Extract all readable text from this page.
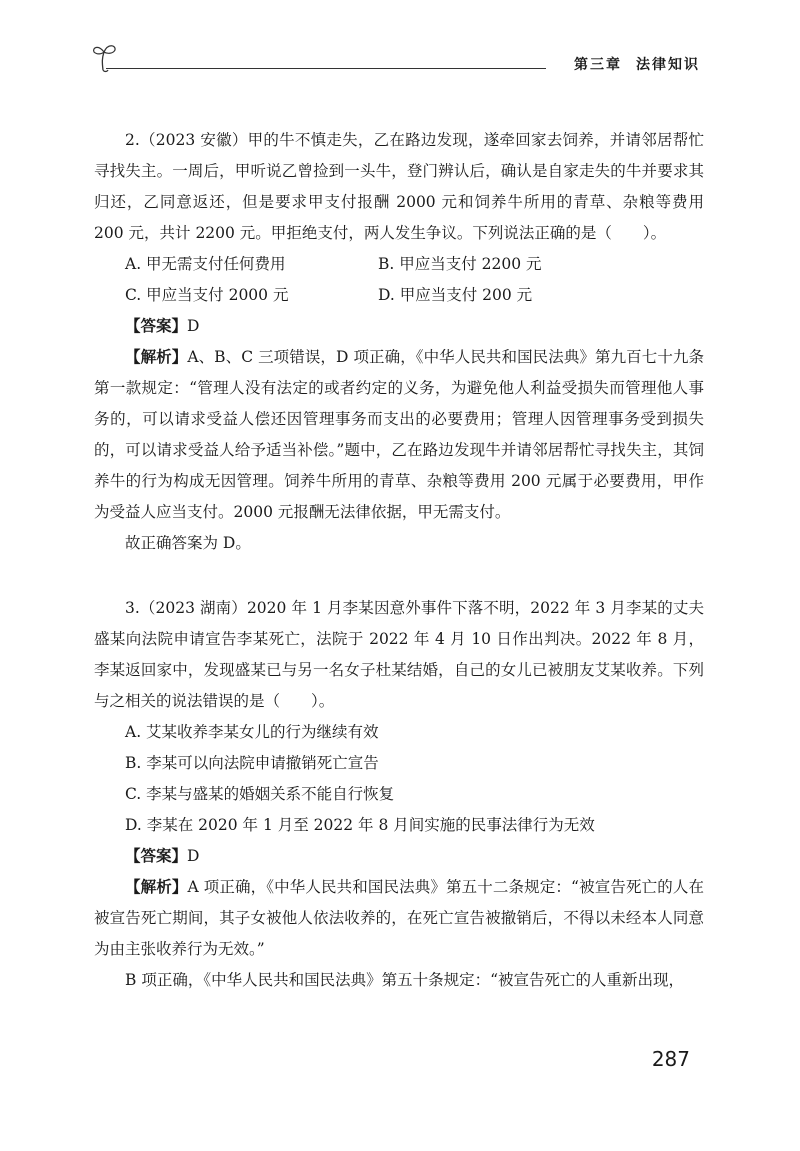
第三章 法律知识

2.（2023 安徽）甲的牛不慎走失，乙在路边发现，遂牵回家去饲养，并请邻居帮忙寻找失主。一周后，甲听说乙曾捡到一头牛，登门辨认后，确认是自家走失的牛并要求其归还，乙同意返还，但是要求甲支付报酬 2000 元和饲养牛所用的青草、杂粮等费用 200 元，共计 2200 元。甲拒绝支付，两人发生争议。下列说法正确的是（　　）。

A. 甲无需支付任何费用	B. 甲应当支付 2200 元
C. 甲应当支付 2000 元	D. 甲应当支付 200 元

【答案】D

【解析】A、B、C 三项错误，D 项正确，《中华人民共和国民法典》第九百七十九条第一款规定：“管理人没有法定的或者约定的义务，为避免他人利益受损失而管理他人事务的，可以请求受益人偿还因管理事务而支出的必要费用；管理人因管理事务受到损失的，可以请求受益人给予适当补偿。”题中，乙在路边发现牛并请邻居帮忙寻找失主，其饲养牛的行为构成无因管理。饲养牛所用的青草、杂粮等费用 200 元属于必要费用，甲作为受益人应当支付。2000 元报酬无法律依据，甲无需支付。

故正确答案为 D。

3.（2023 湖南）2020 年 1 月李某因意外事件下落不明，2022 年 3 月李某的丈夫盛某向法院申请宣告李某死亡，法院于 2022 年 4 月 10 日作出判决。2022 年 8 月，李某返回家中，发现盛某已与另一名女子杜某结婚，自己的女儿已被朋友艾某收养。下列与之相关的说法错误的是（　　）。

A. 艾某收养李某女儿的行为继续有效

B. 李某可以向法院申请撤销死亡宣告

C. 李某与盛某的婚姻关系不能自行恢复

D. 李某在 2020 年 1 月至 2022 年 8 月间实施的民事法律行为无效

【答案】D

【解析】A 项正确，《中华人民共和国民法典》第五十二条规定：“被宣告死亡的人在被宣告死亡期间，其子女被他人依法收养的，在死亡宣告被撤销后，不得以未经本人同意为由主张收养行为无效。”

B 项正确，《中华人民共和国民法典》第五十条规定：“被宣告死亡的人重新出现，

287
